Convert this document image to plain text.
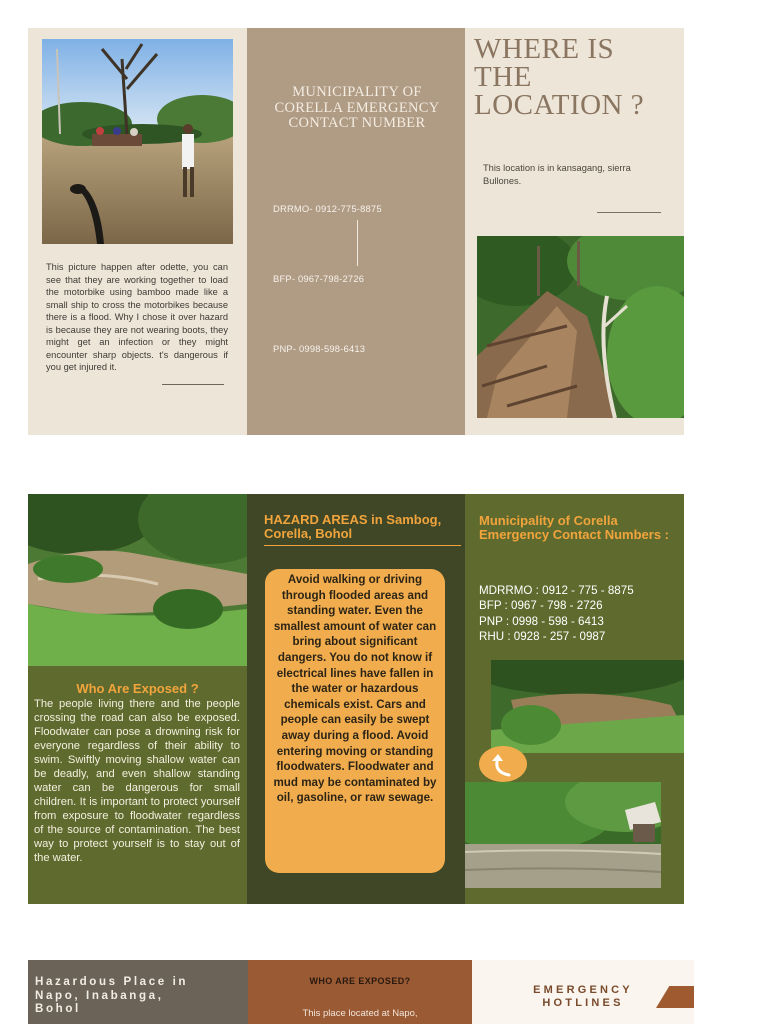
This picture happen after odette, you can see that they are working together to load the motorbike using bamboo made like a small ship to cross the motorbikes because there is a flood. Why I chose it over hazard is because they are not wearing boots, they might get an infection or they might encounter sharp objects. t's dangerous if you get injured it.
MUNICIPALITY OF CORELLA EMERGENCY CONTACT NUMBER
DRRMO- 0912-775-8875
BFP- 0967-798-2726
PNP- 0998-598-6413
WHERE IS THE LOCATION ?
This location is in kansagang, sierra Bullones.
Who Are Exposed ?
The people living there and the people crossing the road can also be exposed. Floodwater can pose a drowning risk for everyone regardless of their ability to swim. Swiftly moving shallow water can be deadly, and even shallow standing water can be dangerous for small children. It is important to protect yourself from exposure to floodwater regardless of the source of contamination. The best way to protect yourself is to stay out of the water.
HAZARD AREAS in Sambog, Corella, Bohol
Avoid walking or driving through flooded areas and standing water. Even the smallest amount of water can bring about significant dangers. You do not know if electrical lines have fallen in the water or hazardous chemicals exist. Cars and people can easily be swept away during a flood. Avoid entering moving or standing floodwaters. Floodwater and mud may be contaminated by oil, gasoline, or raw sewage.
Municipality of Corella Emergency Contact Numbers :
MDRRMO : 0912 - 775 - 8875
BFP : 0967 - 798 - 2726
PNP : 0998 - 598 - 6413
RHU : 0928 - 257 - 0987
Hazardous Place in Napo, Inabanga, Bohol
WHO ARE EXPOSED?
This place located at Napo,
EMERGENCY HOTLINES
